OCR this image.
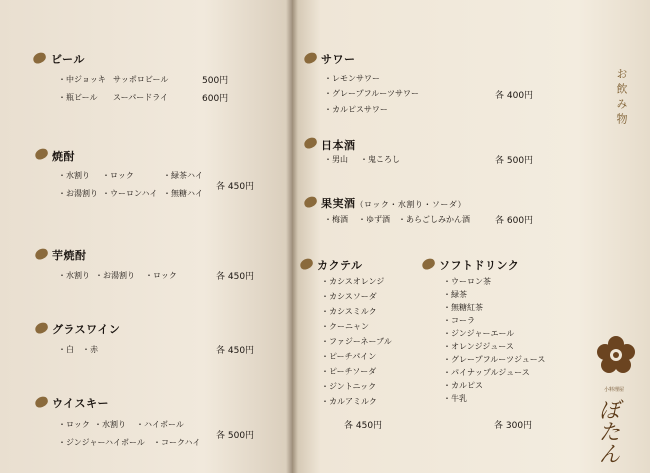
ビール
・中ジョッキ サッポロビール	500円
・瓶ビール スーパードライ	600円
焼酎
・水割り ・ロック	・緑茶ハイ
・お湯割り ・ウーロンハイ ・無糖ハイ
各 450円
芋焼酎
・水割り ・お湯割り ・ロック	各 450円
グラスワイン
・白 ・赤	各 450円
ウイスキー
・ロック ・水割り ・ハイボール
・ジンジャーハイボール ・コークハイ
各 500円
サワー
・レモンサワー
・グレープフルーツサワー
・カルピスサワー
各 400円
日本酒
・男山 ・鬼ころし	各 500円
果実酒（ロック・水割り・ソーダ）
・梅酒 ・ゆず酒 ・あらごしみかん酒	各 600円
カクテル
・カシスオレンジ
・カシスソーダ
・カシスミルク
・クーニャン
・ファジーネーブル
・ピーチパイン
・ピーチソーダ
・ジントニック
・カルアミルク
各 450円
ソフトドリンク
・ウーロン茶
・緑茶
・無糖紅茶
・コーラ
・ジンジャーエール
・オレンジジュース
・グレープフルーツジュース
・パイナップルジュース
・カルピス
・牛乳
各 300円
お飲み物
小料理屋
ぼたん
